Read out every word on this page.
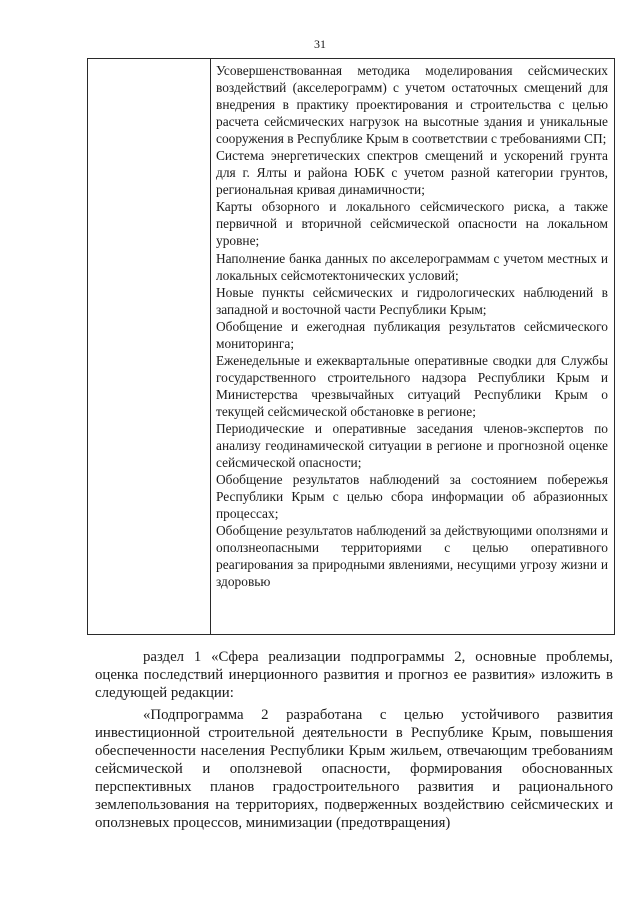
31

Усовершенствованная методика моделирования сейсмических воздействий (акселерограмм) с учетом остаточных смещений для внедрения в практику проектирования и строительства с целью расчета сейсмических нагрузок на высотные здания и уникальные сооружения в Республике Крым в соответствии с требованиями СП;

Система энергетических спектров смещений и ускорений грунта для г. Ялты и района ЮБК с учетом разной категории грунтов, региональная кривая динамичности;

Карты обзорного и локального сейсмического риска, а также первичной и вторичной сейсмической опасности на локальном уровне;

Наполнение банка данных по акселерограммам с учетом местных и локальных сейсмотектонических условий;

Новые пункты сейсмических и гидрологических наблюдений в западной и восточной части Республики Крым;

Обобщение и ежегодная публикация результатов сейсмического мониторинга;

Еженедельные и ежеквартальные оперативные сводки для Службы государственного строительного надзора Республики Крым и Министерства чрезвычайных ситуаций Республики Крым о текущей сейсмической обстановке в регионе;

Периодические и оперативные заседания членов-экспертов по анализу геодинамической ситуации в регионе и прогнозной оценке сейсмической опасности;

Обобщение результатов наблюдений за состоянием побережья Республики Крым с целью сбора информации об абразионных процессах;

Обобщение результатов наблюдений за действующими оползнями и оползнеопасными территориями с целью оперативного реагирования за природными явлениями, несущими угрозу жизни и здоровью

раздел 1 «Сфера реализации подпрограммы 2, основные проблемы, оценка последствий инерционного развития и прогноз ее развития» изложить в следующей редакции:

«Подпрограмма 2 разработана с целью устойчивого развития инвестиционной строительной деятельности в Республике Крым, повышения обеспеченности населения Республики Крым жильем, отвечающим требованиям сейсмической и оползневой опасности, формирования обоснованных перспективных планов градостроительного развития и рационального землепользования на территориях, подверженных воздействию сейсмических и оползневых процессов, минимизации (предотвращения)
